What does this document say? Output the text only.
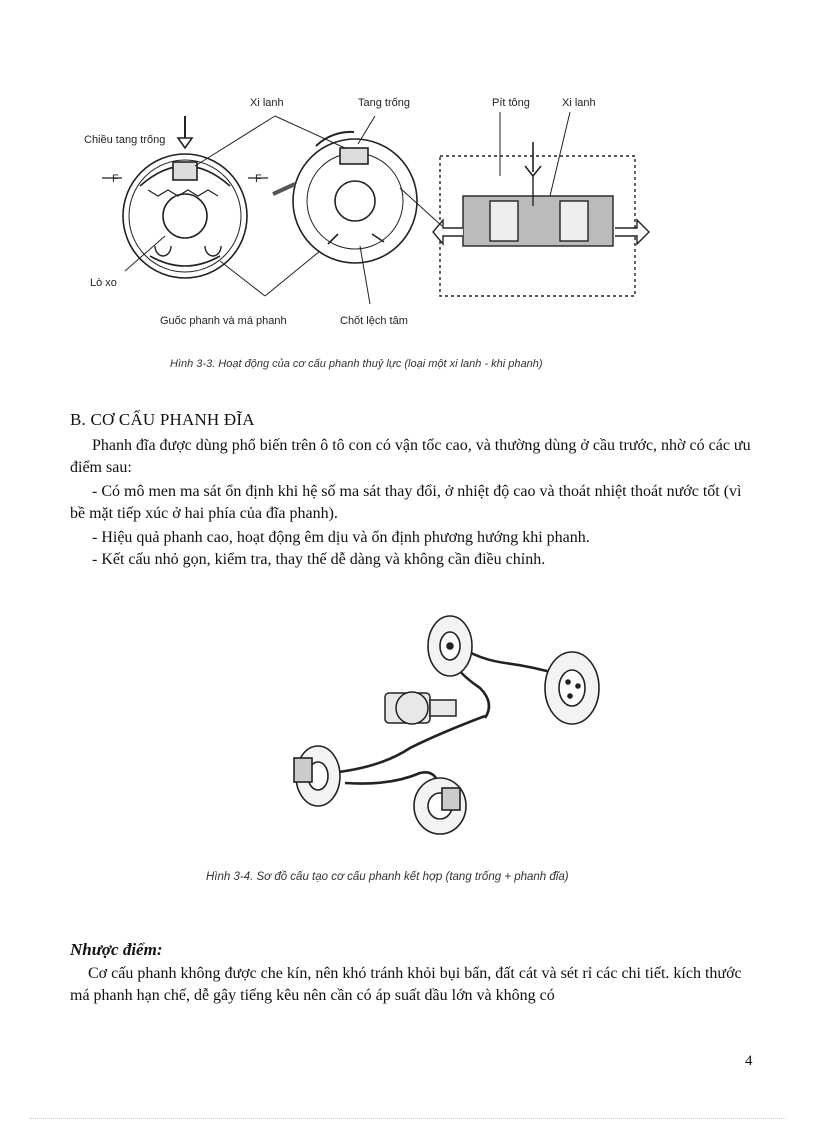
Xi lanh	Tang trống	Pít tông	Xi lanh
Chiều tang trống
F	F
Lò xo
Guốc phanh và má phanh	Chốt lệch tâm
Hình 3-3. Hoạt động của cơ cấu phanh thuỷ lực (loại một xi lanh - khi phanh)
B. CƠ CẤU PHANH ĐĨA
Phanh đĩa được dùng phổ biến trên ô tô con có vận tốc cao, và thường dùng ở cầu trước, nhờ có các ưu điểm sau:
- Có mô men ma sát ổn định khi hệ số ma sát thay đổi, ở nhiệt độ cao và thoát nhiệt thoát nước tốt (vì bề mặt tiếp xúc ở hai phía của đĩa phanh).
- Hiệu quả phanh cao, hoạt động êm dịu và ổn định phương hướng khi phanh.
- Kết cấu nhỏ gọn, kiểm tra, thay thế dễ dàng và không cần điều chỉnh.
Hình 3-4. Sơ đồ cấu tạo cơ cấu phanh kết hợp (tang trống + phanh đĩa)
Nhược điểm:
Cơ cấu phanh không được che kín, nên khó tránh khỏi bụi bẩn, đất cát và sét rỉ các chi tiết. kích thước má phanh hạn chế, dễ gây tiếng kêu nên cần có áp suất dầu lớn và không có
4
